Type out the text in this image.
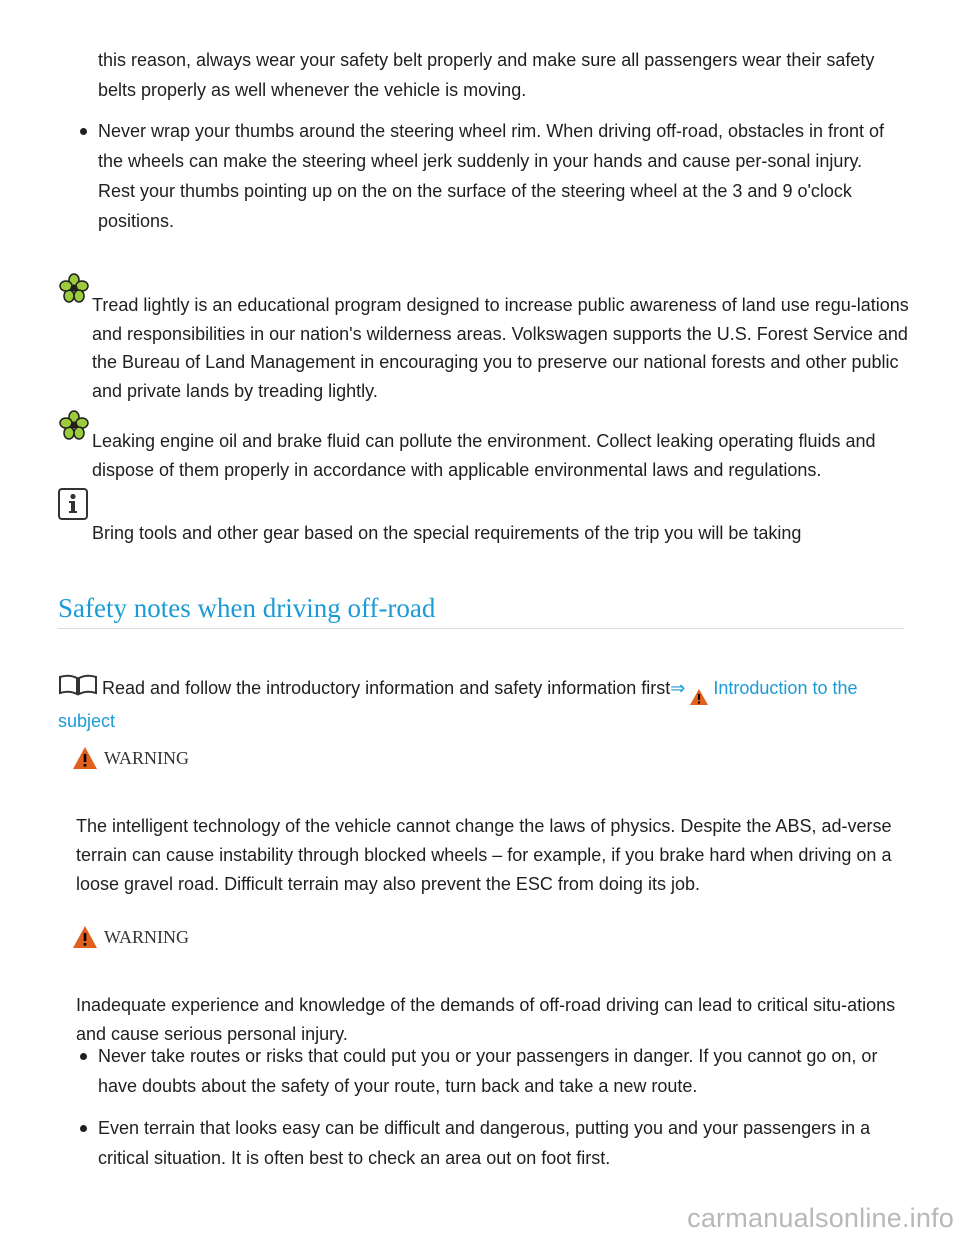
this reason, always wear your safety belt properly and make sure all passengers wear their safety belts properly as well whenever the vehicle is moving.

Never wrap your thumbs around the steering wheel rim. When driving off-road, obstacles in front of the wheels can make the steering wheel jerk suddenly in your hands and cause per-sonal injury. Rest your thumbs pointing up on the on the surface of the steering wheel at the 3 and 9 o'clock positions.

Tread lightly is an educational program designed to increase public awareness of land use regu-lations and responsibilities in our nation's wilderness areas. Volkswagen supports the U.S. Forest Service and the Bureau of Land Management in encouraging you to preserve our national forests and other public and private lands by treading lightly.

Leaking engine oil and brake fluid can pollute the environment. Collect leaking operating fluids and dispose of them properly in accordance with applicable environmental laws and regulations.

Bring tools and other gear based on the special requirements of the trip you will be taking

Safety notes when driving off-road

Read and follow the introductory information and safety information first⇒ Introduction to the subject

WARNING

The intelligent technology of the vehicle cannot change the laws of physics. Despite the ABS, ad-verse terrain can cause instability through blocked wheels – for example, if you brake hard when driving on a loose gravel road. Difficult terrain may also prevent the ESC from doing its job.

WARNING

Inadequate experience and knowledge of the demands of off-road driving can lead to critical situ-ations and cause serious personal injury.

Never take routes or risks that could put you or your passengers in danger. If you cannot go on, or have doubts about the safety of your route, turn back and take a new route.
Even terrain that looks easy can be difficult and dangerous, putting you and your passengers in a critical situation. It is often best to check an area out on foot first.
carmanualsonline.info
